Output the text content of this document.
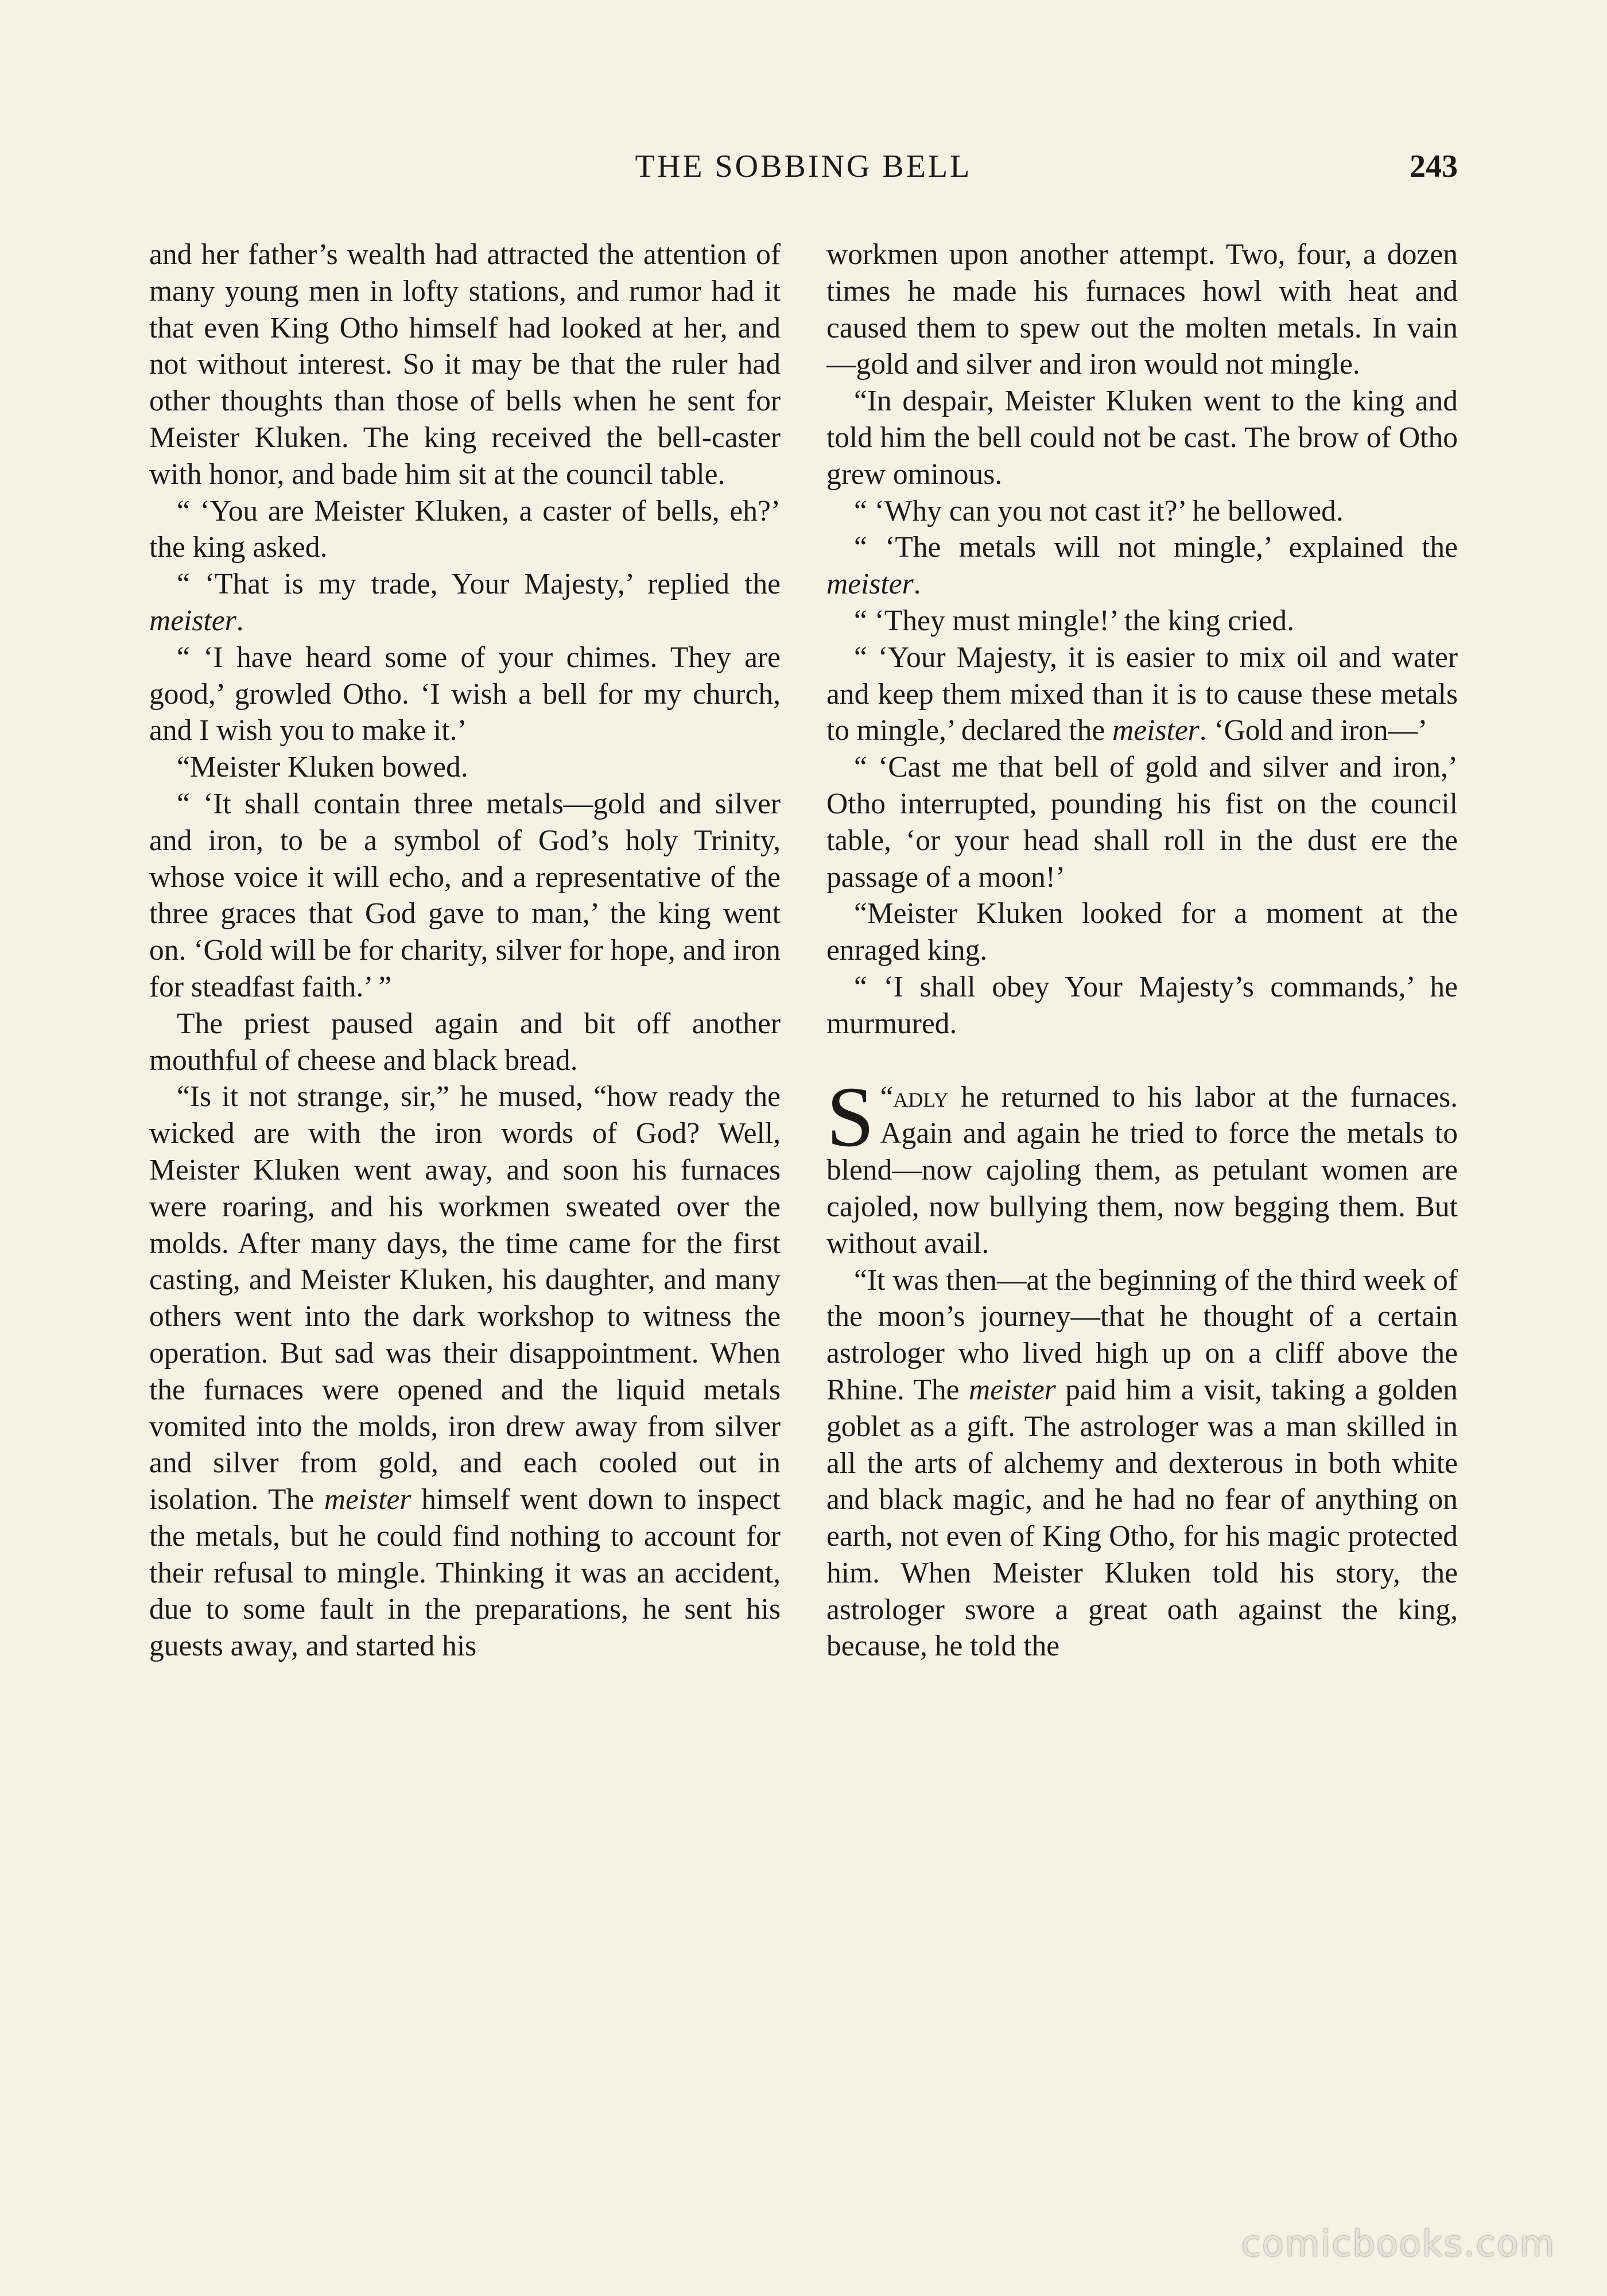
THE SOBBING BELL	243

and her father’s wealth had attracted the attention of many young men in lofty stations, and rumor had it that even King Otho himself had looked at her, and not without interest. So it may be that the ruler had other thoughts than those of bells when he sent for Meister Kluken. The king received the bell-caster with honor, and bade him sit at the council table.

“ ‘You are Meister Kluken, a caster of bells, eh?’ the king asked.

“ ‘That is my trade, Your Majesty,’ replied the meister.

“ ‘I have heard some of your chimes. They are good,’ growled Otho. ‘I wish a bell for my church, and I wish you to make it.’

“Meister Kluken bowed.

“ ‘It shall contain three metals—gold and silver and iron, to be a symbol of God’s holy Trinity, whose voice it will echo, and a representative of the three graces that God gave to man,’ the king went on. ‘Gold will be for charity, silver for hope, and iron for steadfast faith.’ ”

The priest paused again and bit off another mouthful of cheese and black bread.

“Is it not strange, sir,” he mused, “how ready the wicked are with the iron words of God? Well, Meister Kluken went away, and soon his furnaces were roaring, and his workmen sweated over the molds. After many days, the time came for the first casting, and Meister Kluken, his daughter, and many others went into the dark workshop to witness the operation. But sad was their disappointment. When the furnaces were opened and the liquid metals vomited into the molds, iron drew away from silver and silver from gold, and each cooled out in isolation. The meister himself went down to inspect the metals, but he could find nothing to account for their refusal to mingle. Thinking it was an accident, due to some fault in the preparations, he sent his guests away, and started his

workmen upon another attempt. Two, four, a dozen times he made his furnaces howl with heat and caused them to spew out the molten metals. In vain—gold and silver and iron would not mingle.

“In despair, Meister Kluken went to the king and told him the bell could not be cast. The brow of Otho grew ominous.

“ ‘Why can you not cast it?’ he bellowed.

“ ‘The metals will not mingle,’ explained the meister.

“ ‘They must mingle!’ the king cried.

“ ‘Your Majesty, it is easier to mix oil and water and keep them mixed than it is to cause these metals to mingle,’ declared the meister. ‘Gold and iron—’

“ ‘Cast me that bell of gold and silver and iron,’ Otho interrupted, pounding his fist on the council table, ‘or your head shall roll in the dust ere the passage of a moon!’

“Meister Kluken looked for a moment at the enraged king.

“ ‘I shall obey Your Majesty’s commands,’ he murmured.

“
S adly he returned to his labor at the furnaces. Again and again he tried to force the metals to blend—now cajoling them, as petulant women are cajoled, now bullying them, now begging them. But without avail.

“It was then—at the beginning of the third week of the moon’s journey—that he thought of a certain astrologer who lived high up on a cliff above the Rhine. The meister paid him a visit, taking a golden goblet as a gift. The astrologer was a man skilled in all the arts of alchemy and dexterous in both white and black magic, and he had no fear of anything on earth, not even of King Otho, for his magic protected him. When Meister Kluken told his story, the astrologer swore a great oath against the king, because, he told the

comicbooks.com
